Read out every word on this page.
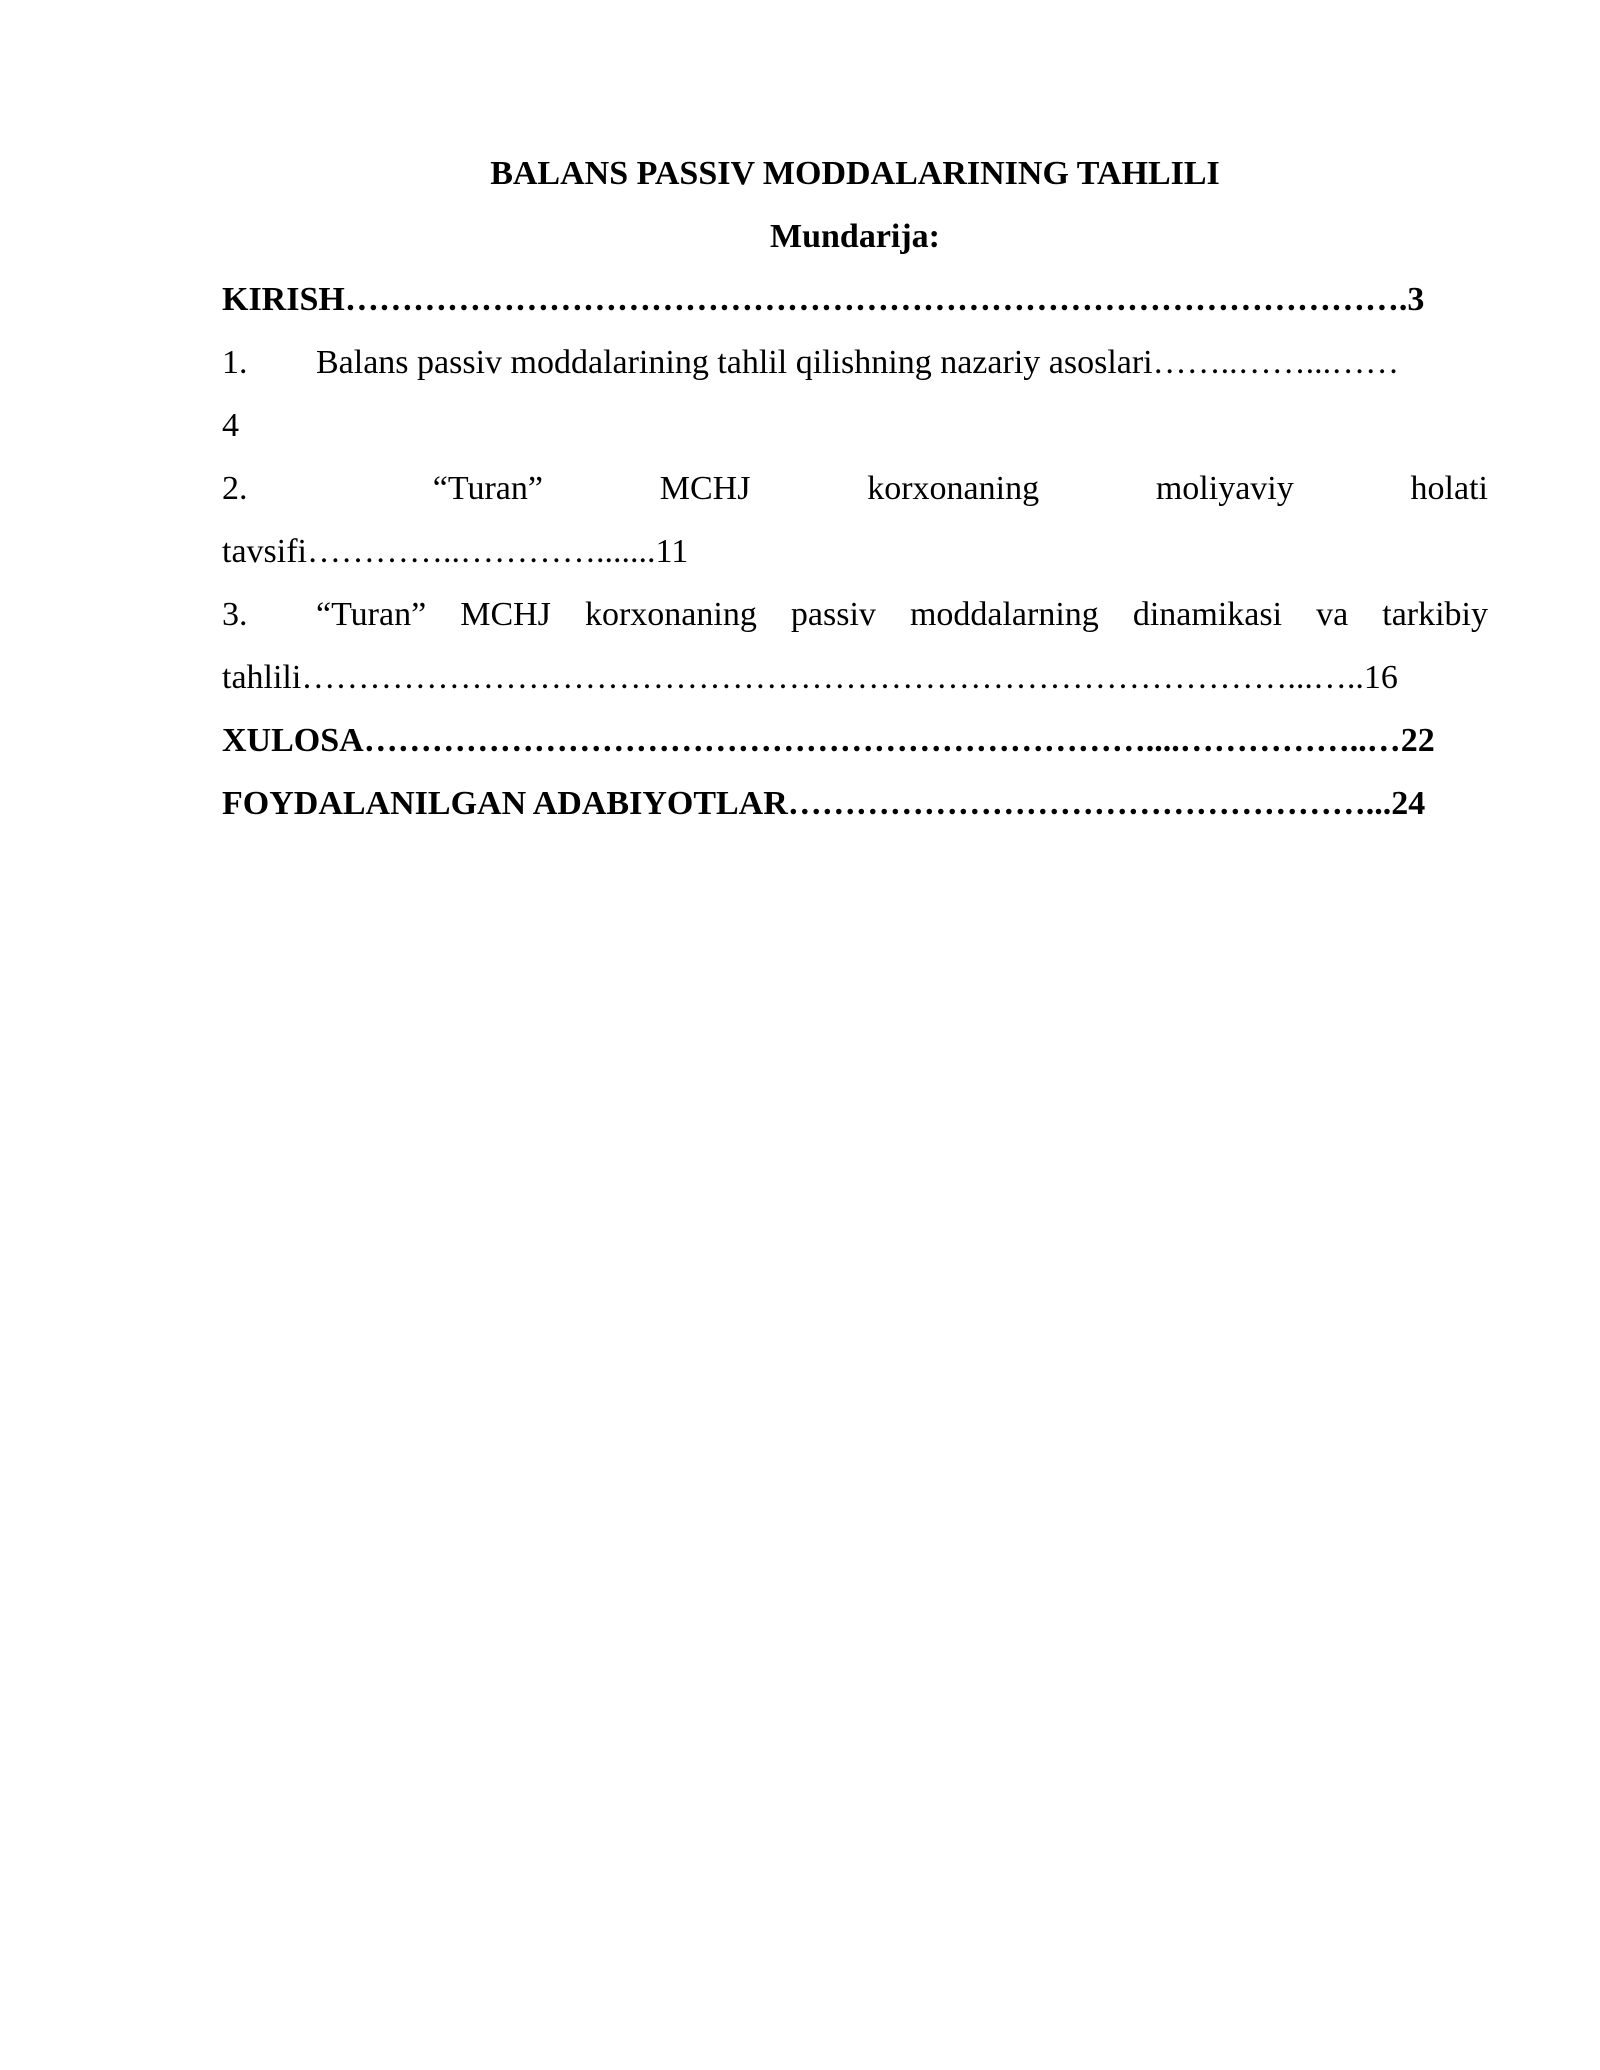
BALANS PASSIV MODDALARINING TAHLILI
Mundarija:
KIRISH………………………………………………………………………………….3
1. Balans passiv moddalarining tahlil qilishning nazariy asoslari……..……...……
4
2.	“Turan”	MCHJ	korxonaning	moliyaviy	holati
tavsifi…………..………….......11
3. “Turan” MCHJ korxonaning passiv moddalarning dinamikasi va tarkibiy
tahlili……………………………………………………………………………...…..16
XULOSA……………………………………………………………....……………..…22
FOYDALANILGAN ADABIYOTLAR……………………………………………...24
